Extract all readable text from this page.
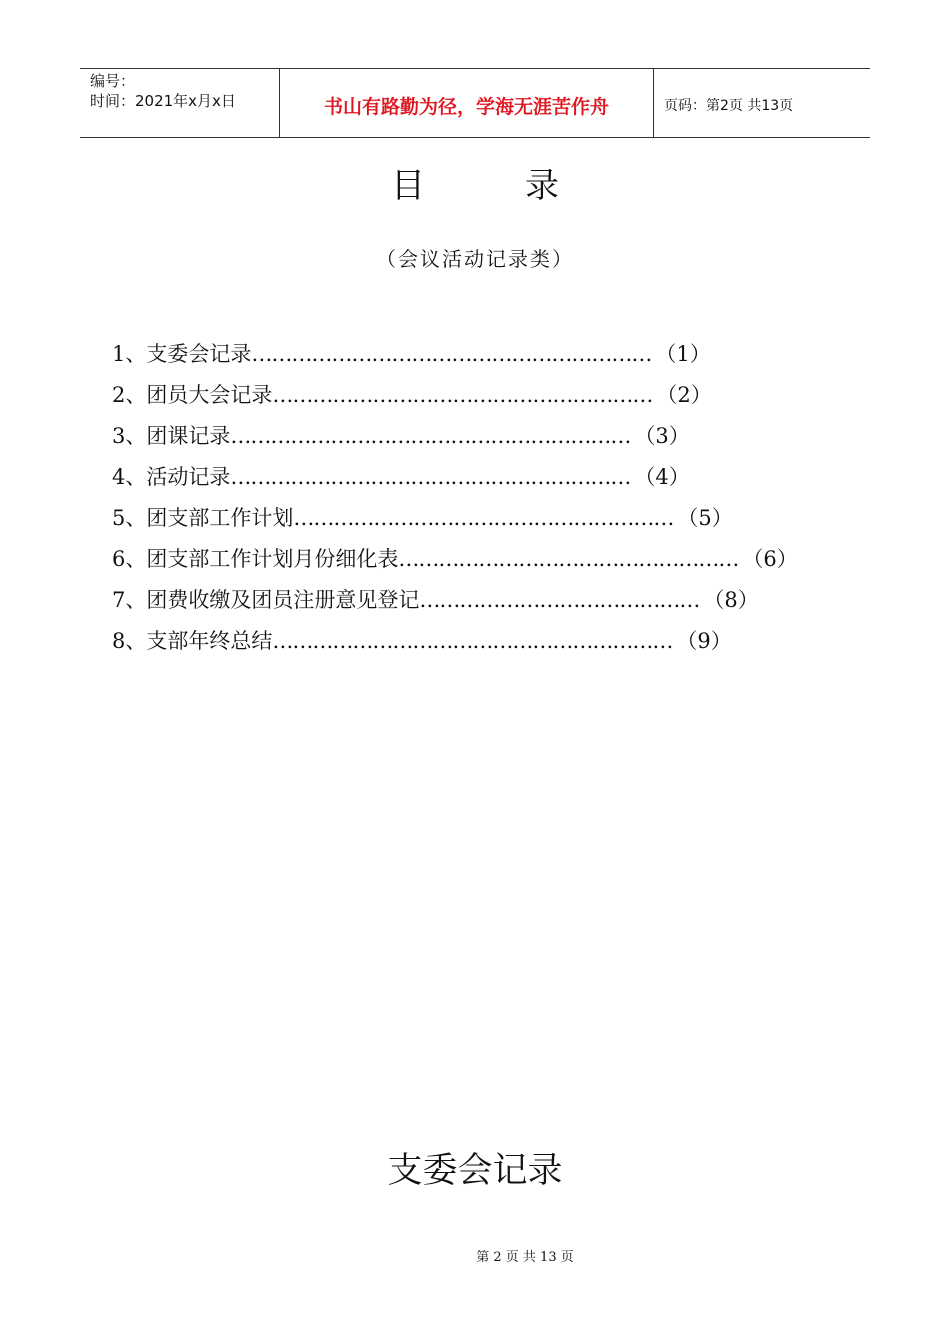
编号：
时间：2021年x月x日	书山有路勤为径，学海无涯苦作舟	页码：第2页 共13页
目录
（会议活动记录类）
1、支委会记录 …………………………………………………… （1）
2、团员大会记录 ………………………………………………… （2）
3、团课记录 …………………………………………………… （3）
4、活动记录 …………………………………………………… （4）
5、团支部工作计划 ………………………………………………… （5）
6、团支部工作计划月份细化表 …………………………………………… （6）
7、团费收缴及团员注册意见登记 …………………………………… （8）
8、支部年终总结 …………………………………………………… （9）
支委会记录
第 2 页 共 13 页
